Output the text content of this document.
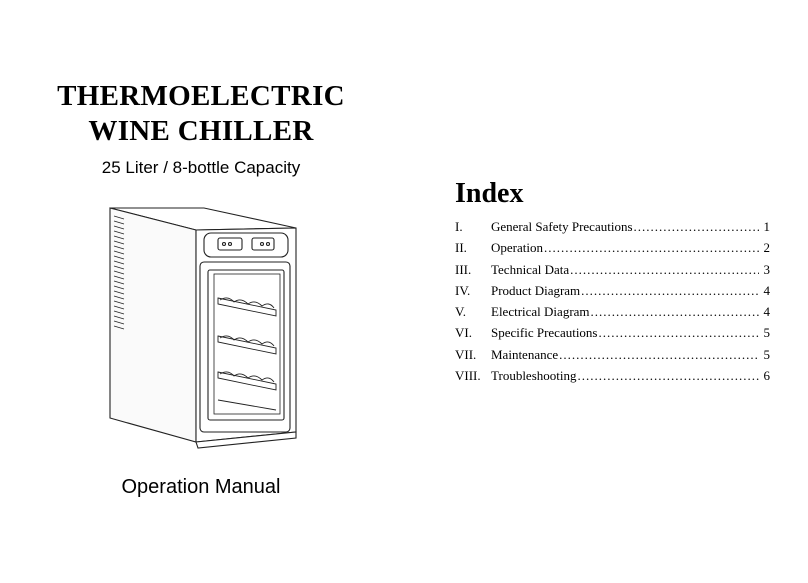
THERMOELECTRIC
WINE CHILLER
25 Liter / 8-bottle Capacity
Operation Manual
Index
I.	General Safety Precautions .....	1
II.	Operation .....	2
III.	Technical Data .....	3
IV.	Product Diagram .....	4
V.	Electrical Diagram .....	4
VI.	Specific Precautions .....	5
VII.	Maintenance .....	5
VIII. Troubleshooting .....	6
